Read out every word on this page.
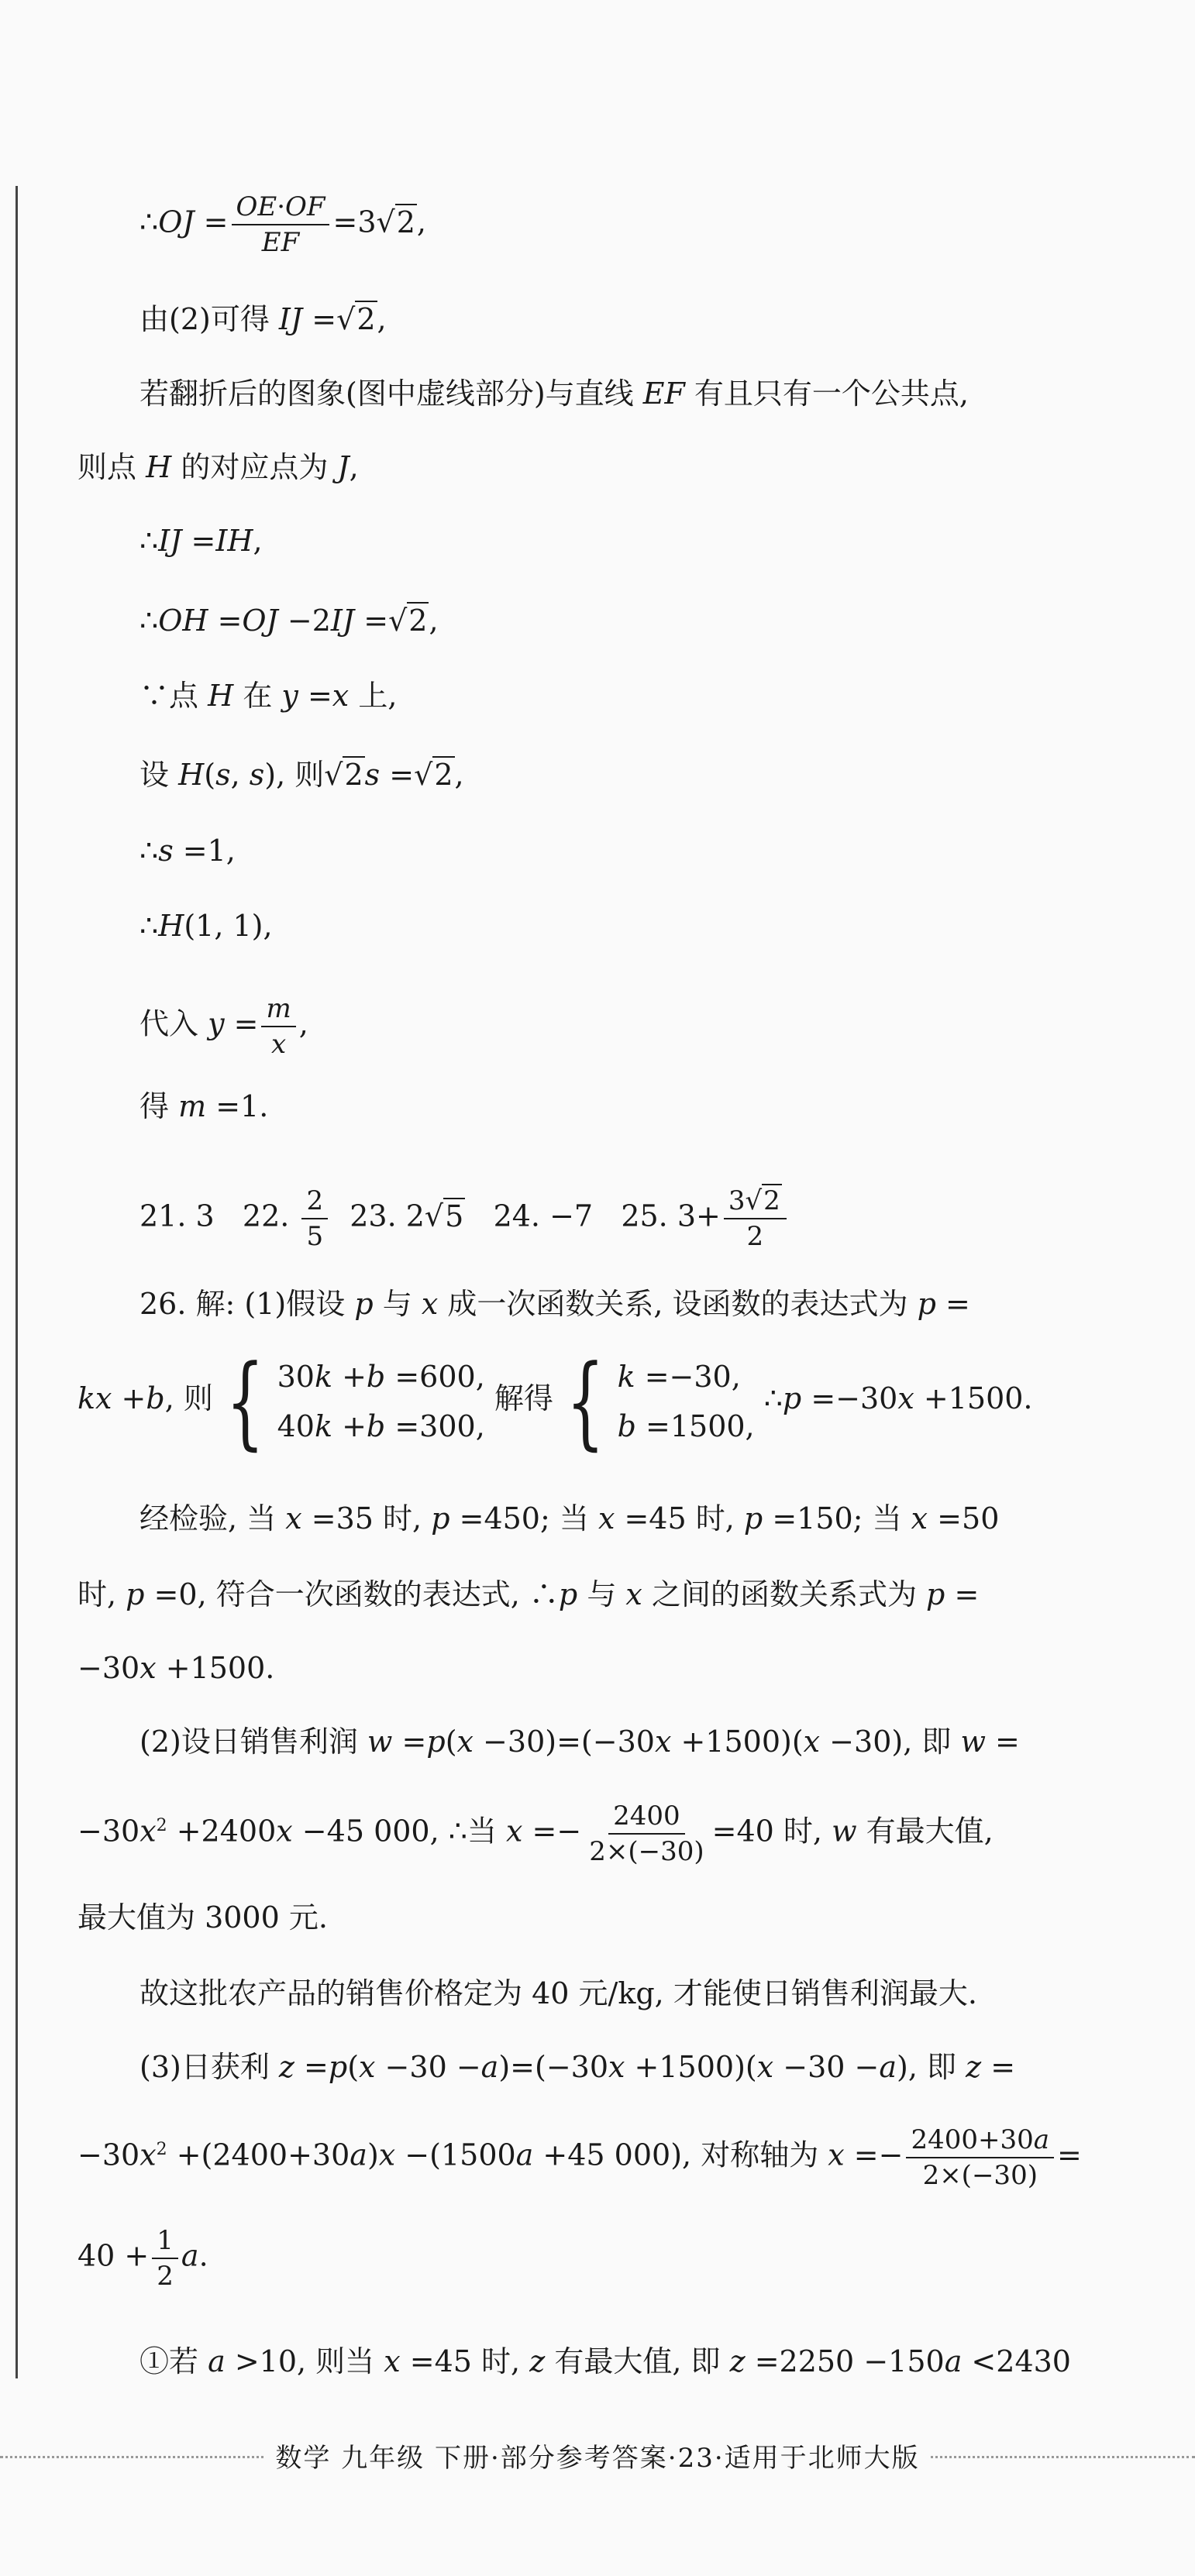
∴OJ = $\frac{OE\cdot OF}{EF} =3√2$,
由(2)可得 IJ =√2,
若翻折后的图象(图中虚线部分)与直线 EF 有且只有一个公共点,
则点 H 的对应点为 J,
∴IJ =IH,
∴OH =OJ −2IJ =√2,
∵点 H 在 y =x 上,
设 H(s, s), 则√2s =√2,
∴s =1,
∴H(1, 1),
代入 $y = \frac{m}{x}$ ,
得 m =1.
21. 3   22. $\frac{2}{5} 23$. 2√5   24. −7   25. $3+ \frac{3√2}{2}$
26. 解: (1)假设 p 与 x 成一次函数关系, 设函数的表达式为 p =
kx +b, 则 { 30k +b =600,
40k +b =300,
解得 { k =−30,
b =1500,
∴p =−30x +1500.
经检验, 当 x =35 时, p =450; 当 x =45 时, p =150; 当 x =50
时, p =0, 符合一次函数的表达式, ∴p 与 x 之间的函数关系式为 p =
−30x +1500.
(2)设日销售利润 w =p(x −30)=(−30x +1500)(x −30), 即 w =
$-30x^2 +2400x -45$ 000, ∴当 $x =- \frac{2400}{2\times(-30)} =40$ 时, w 有最大值,
最大值为 3000 元.
故这批农产品的销售价格定为 40 元/kg, 才能使日销售利润最大.
(3)日获利 z =p(x −30 −a)=(−30x +1500)(x −30 −a), 即 z =
$-30x^2 +(2400+30a)x -(1500a +45$ 000), 对称轴为 $x =- \frac{2400+30a}{2\times(-30)}$ =
$40 + \frac{1}{2} a$.
①若 a >10, 则当 x =45 时, z 有最大值, 即 z =2250 −150a <2430
数学 九年级 下册·部分参考答案·23·适用于北师大版
